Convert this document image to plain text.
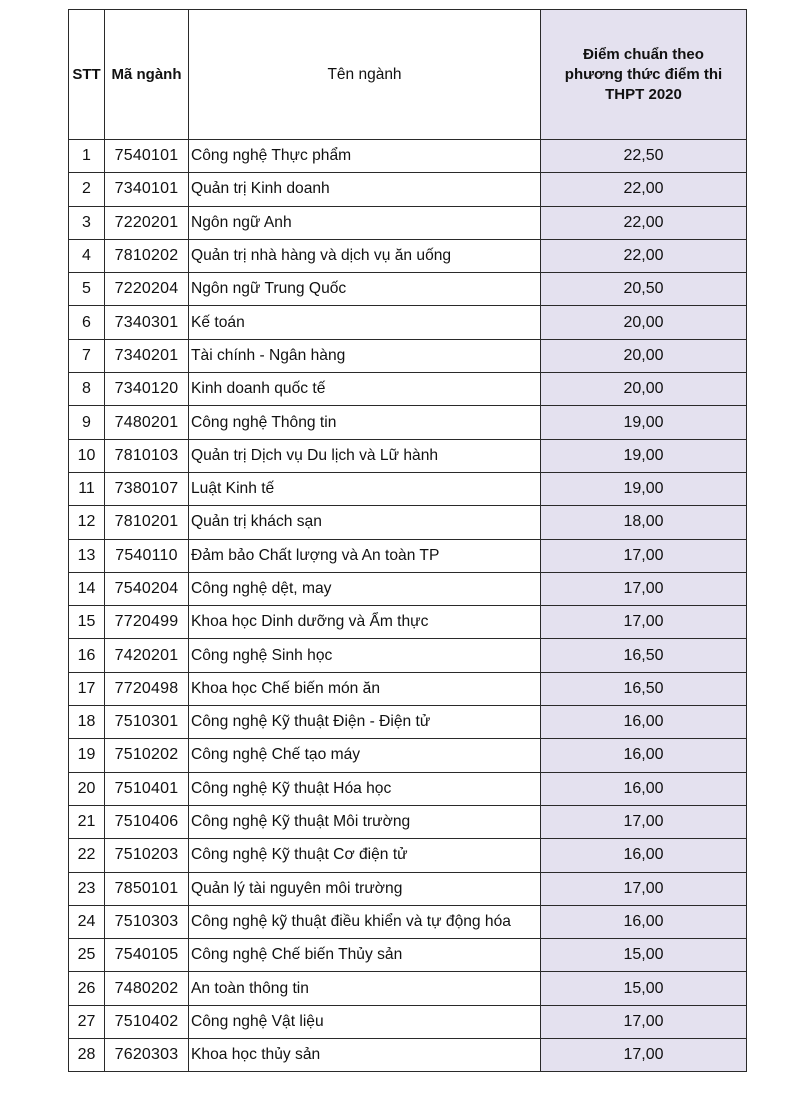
STT	Mã ngành	Tên ngành	Điểm chuẩn theo phương thức điểm thi THPT 2020
1	7540101	Công nghệ Thực phẩm	22,50
2	7340101	Quản trị Kinh doanh	22,00
3	7220201	Ngôn ngữ Anh	22,00
4	7810202	Quản trị nhà hàng và dịch vụ ăn uống	22,00
5	7220204	Ngôn ngữ Trung Quốc	20,50
6	7340301	Kế toán	20,00
7	7340201	Tài chính - Ngân hàng	20,00
8	7340120	Kinh doanh quốc tế	20,00
9	7480201	Công nghệ Thông tin	19,00
10	7810103	Quản trị Dịch vụ Du lịch và Lữ hành	19,00
11	7380107	Luật Kinh tế	19,00
12	7810201	Quản trị khách sạn	18,00
13	7540110	Đảm bảo Chất lượng và An toàn TP	17,00
14	7540204	Công nghệ dệt, may	17,00
15	7720499	Khoa học Dinh dưỡng và Ẩm thực	17,00
16	7420201	Công nghệ Sinh học	16,50
17	7720498	Khoa học Chế biến món ăn	16,50
18	7510301	Công nghệ Kỹ thuật Điện - Điện tử	16,00
19	7510202	Công nghệ Chế tạo máy	16,00
20	7510401	Công nghệ Kỹ thuật Hóa học	16,00
21	7510406	Công nghệ Kỹ thuật Môi trường	17,00
22	7510203	Công nghệ Kỹ thuật Cơ điện tử	16,00
23	7850101	Quản lý tài nguyên môi trường	17,00
24	7510303	Công nghệ kỹ thuật điều khiển và tự động hóa	16,00
25	7540105	Công nghệ Chế biến Thủy sản	15,00
26	7480202	An toàn thông tin	15,00
27	7510402	Công nghệ Vật liệu	17,00
28	7620303	Khoa học thủy sản	17,00
